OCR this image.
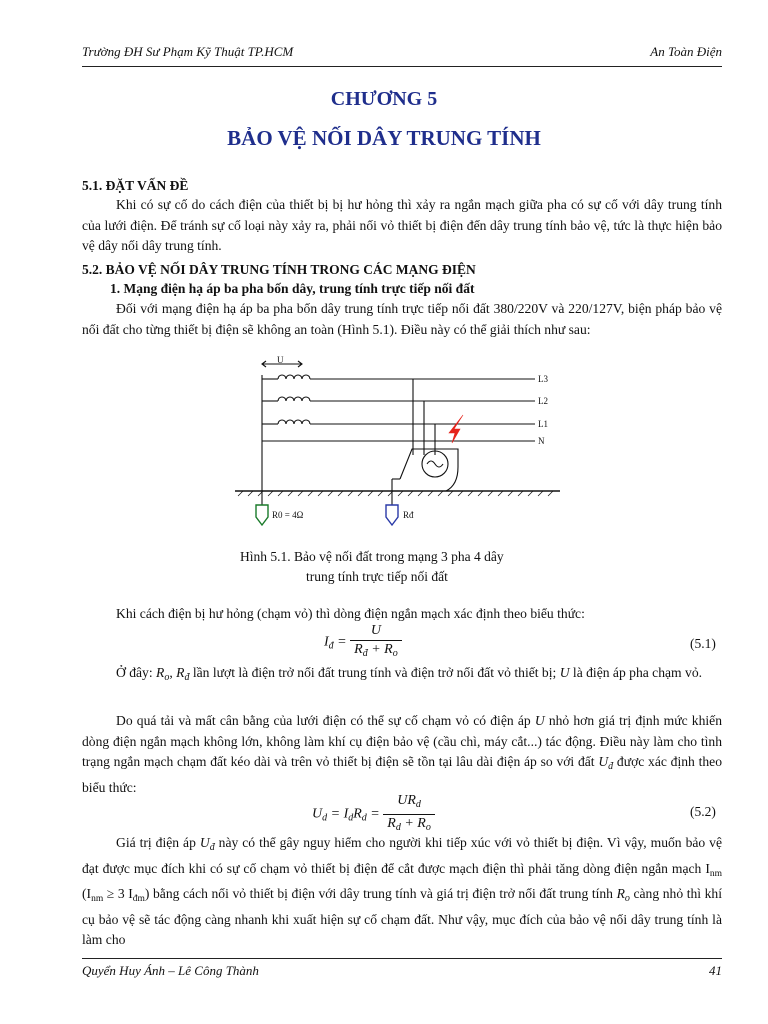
Trường ĐH Sư Phạm Kỹ Thuật TP.HCM	An Toàn Điện
CHƯƠNG 5
BẢO VỆ NỐI DÂY TRUNG TÍNH
5.1. ĐẶT VẤN ĐỀ
Khi có sự cố do cách điện của thiết bị bị hư hỏng thì xảy ra ngắn mạch giữa pha có sự cố với dây trung tính của lưới điện. Để tránh sự cố loại này xảy ra, phải nối vỏ thiết bị điện đến dây trung tính bảo vệ, tức là thực hiện bảo vệ dây nối dây trung tính.
5.2. BẢO VỆ NỐI DÂY TRUNG TÍNH TRONG CÁC MẠNG ĐIỆN
1. Mạng điện hạ áp ba pha bốn dây, trung tính trực tiếp nối đất
Đối với mạng điện hạ áp ba pha bốn dây trung tính trực tiếp nối đất 380/220V và 220/127V, biện pháp bảo vệ nối đất cho từng thiết bị điện sẽ không an toàn (Hình 5.1). Điều này có thể giải thích như sau:
U
L3
L2
L1
N
R0 = 4Ω	Rđ
Hình 5.1. Bảo vệ nối đất trong mạng 3 pha 4 dây
trung tính trực tiếp nối đất
Khi cách điện bị hư hỏng (chạm vỏ) thì dòng điện ngắn mạch xác định theo biểu thức:
$I_đ = \frac{U}{R_đ + R_o}$	(5.1)
Ở đây: $R_o$, $R_đ$ lần lượt là điện trở nối đất trung tính và điện trở nối đất vỏ thiết bị; U là điện áp pha chạm vỏ.
Do quá tải và mất cân bằng của lưới điện có thể sự cố chạm vỏ có điện áp U nhỏ hơn giá trị định mức khiến dòng điện ngắn mạch không lớn, không làm khí cụ điện bảo vệ (cầu chì, máy cắt...) tác động. Điều này làm cho tình trạng ngắn mạch chạm đất kéo dài và trên vỏ thiết bị điện sẽ tồn tại lâu dài điện áp so với đất $U_đ$ được xác định theo biểu thức:
$U_d = I_dR_d = \frac{UR_d}{R_d + R_o}$	(5.2)
Giá trị điện áp $U_đ$ này có thể gây nguy hiểm cho người khi tiếp xúc với vỏ thiết bị điện. Vì vậy, muốn bảo vệ đạt được mục đích khi có sự cố chạm vỏ thiết bị điện để cắt được mạch điện thì phải tăng dòng điện ngắn mạch $I_{nm}$ ($I_{nm} \ge 3$ $I_{đm}$) bằng cách nối vỏ thiết bị điện với dây trung tính và giá trị điện trở nối đất trung tính $R_o$ càng nhỏ thì khí cụ bảo vệ sẽ tác động càng nhanh khi xuất hiện sự cố chạm đất. Như vậy, mục đích của bảo vệ nối dây trung tính là làm cho
Quyển Huy Ánh – Lê Công Thành	41
